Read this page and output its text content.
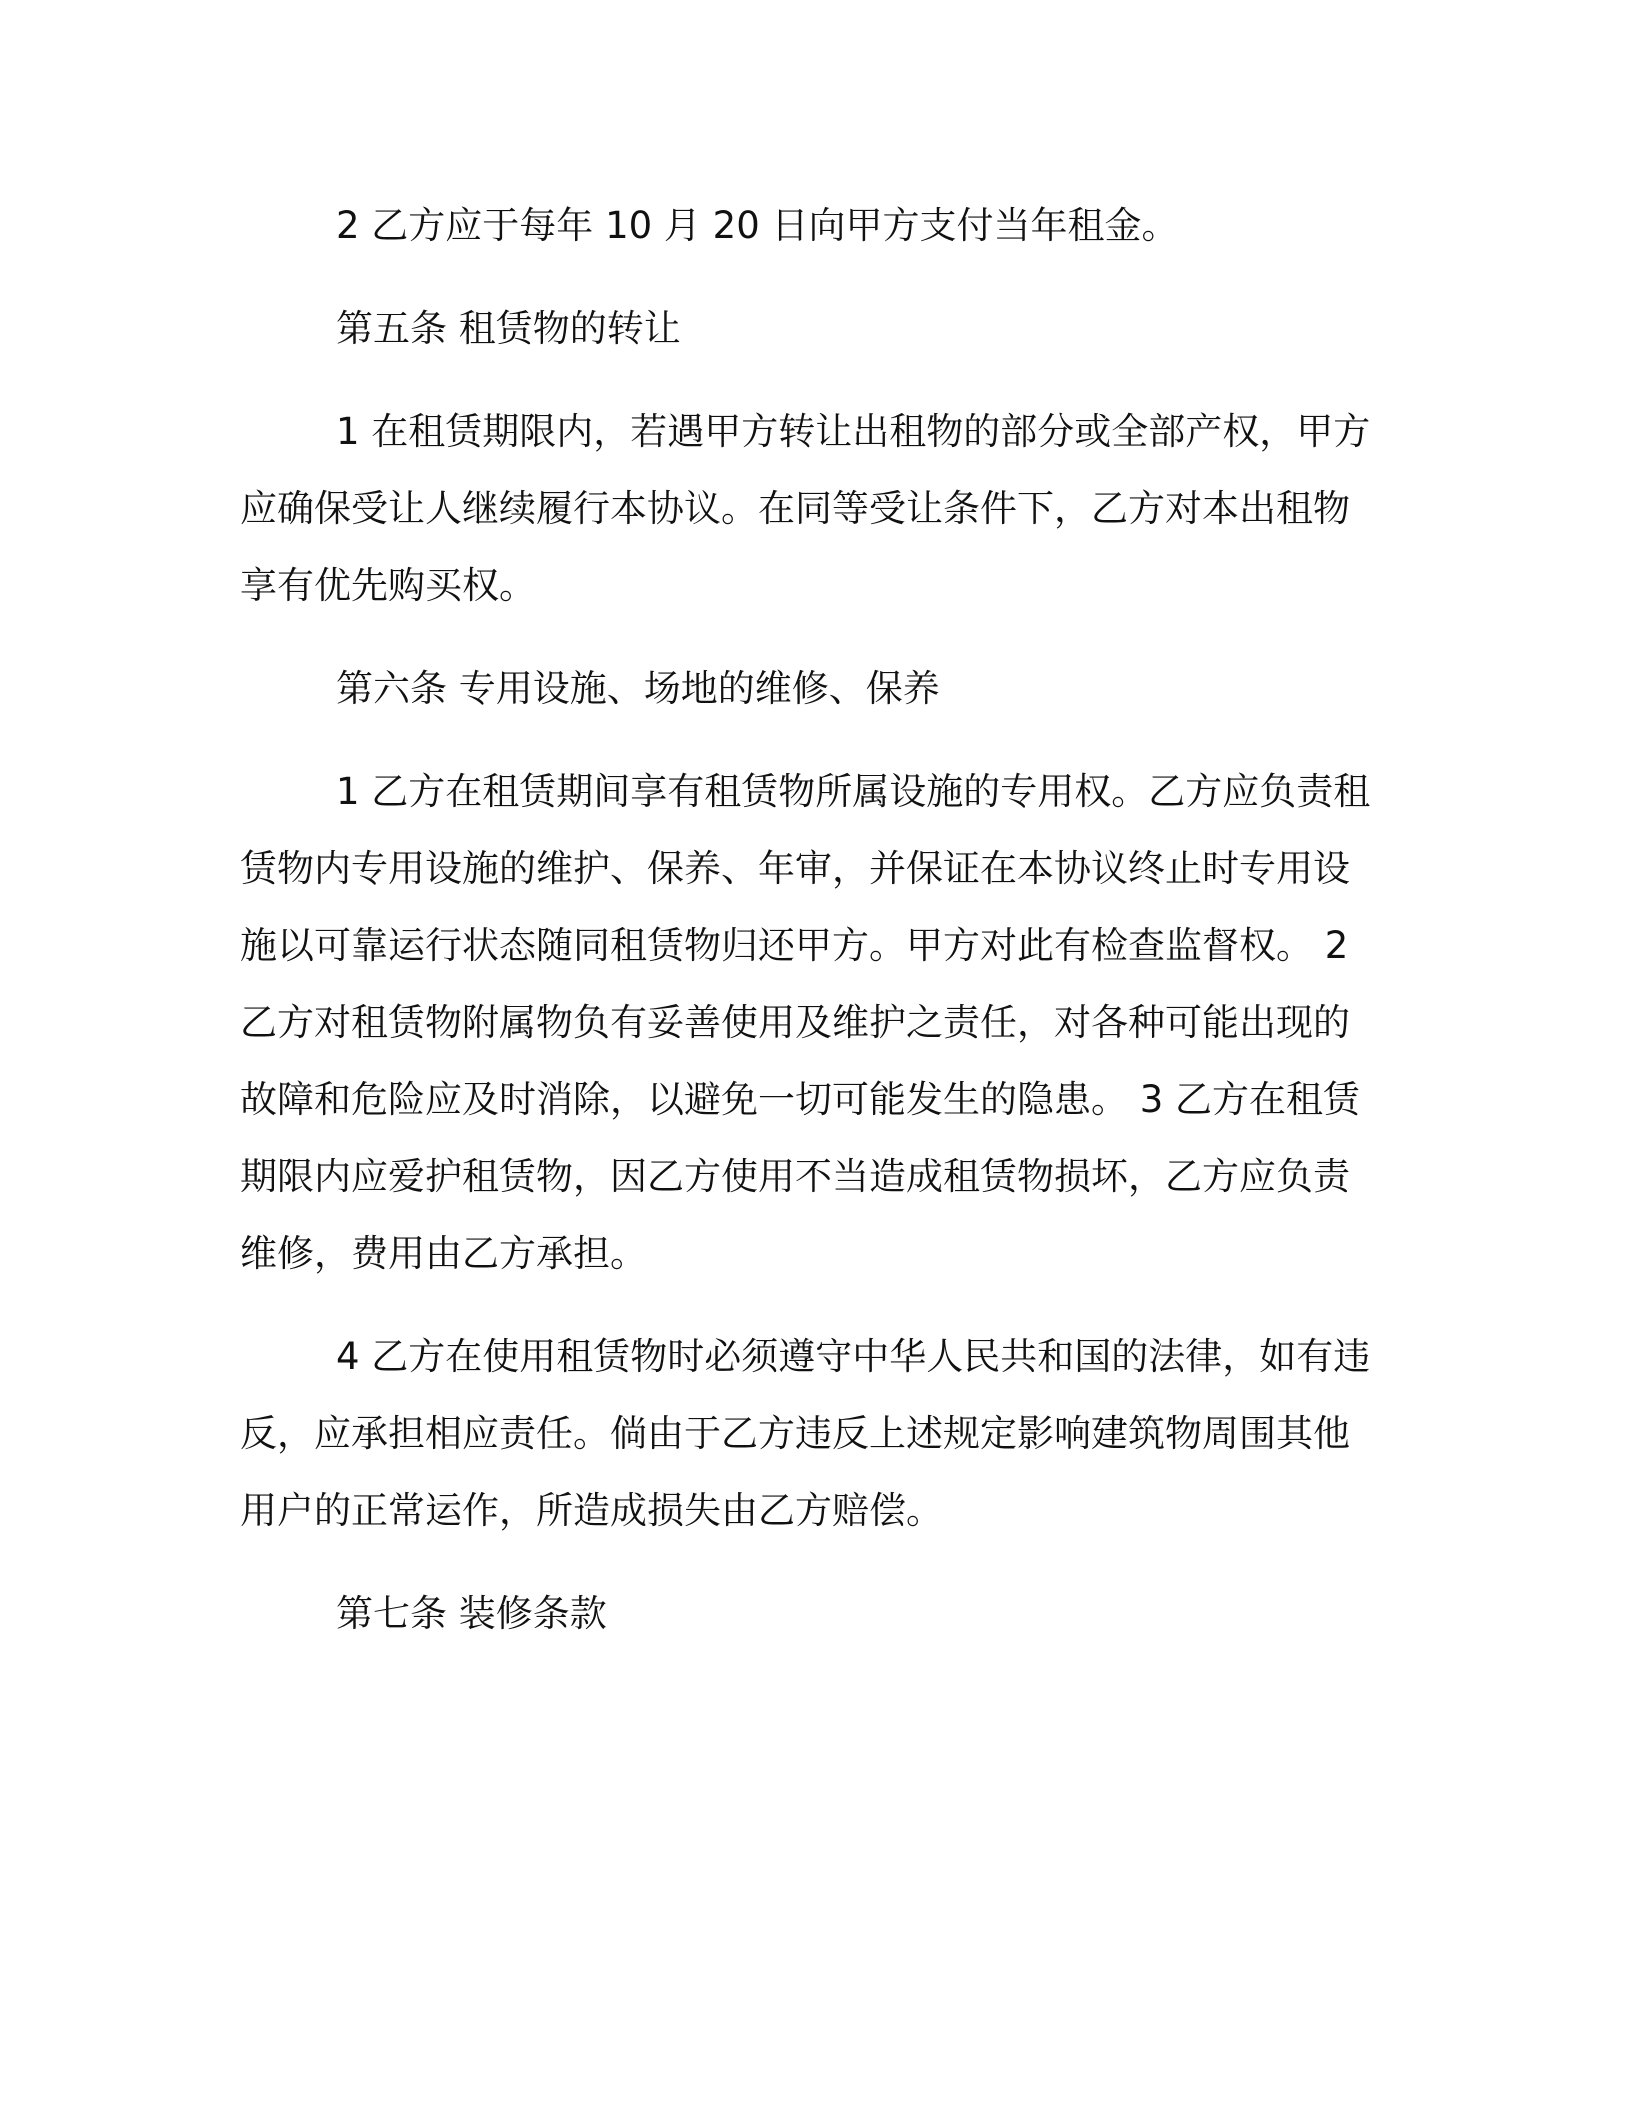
2 乙方应于每年 10 月 20 日向甲方支付当年租金。

第五条 租赁物的转让

1 在租赁期限内，若遇甲方转让出租物的部分或全部产权，甲方应确保受让人继续履行本协议。在同等受让条件下，乙方对本出租物享有优先购买权。

第六条 专用设施、场地的维修、保养

1 乙方在租赁期间享有租赁物所属设施的专用权。乙方应负责租赁物内专用设施的维护、保养、年审，并保证在本协议终止时专用设施以可靠运行状态随同租赁物归还甲方。甲方对此有检查监督权。 2 乙方对租赁物附属物负有妥善使用及维护之责任，对各种可能出现的故障和危险应及时消除，以避免一切可能发生的隐患。 3 乙方在租赁期限内应爱护租赁物，因乙方使用不当造成租赁物损坏，乙方应负责维修，费用由乙方承担。

4 乙方在使用租赁物时必须遵守中华人民共和国的法律，如有违反，应承担相应责任。倘由于乙方违反上述规定影响建筑物周围其他用户的正常运作，所造成损失由乙方赔偿。

第七条 装修条款
